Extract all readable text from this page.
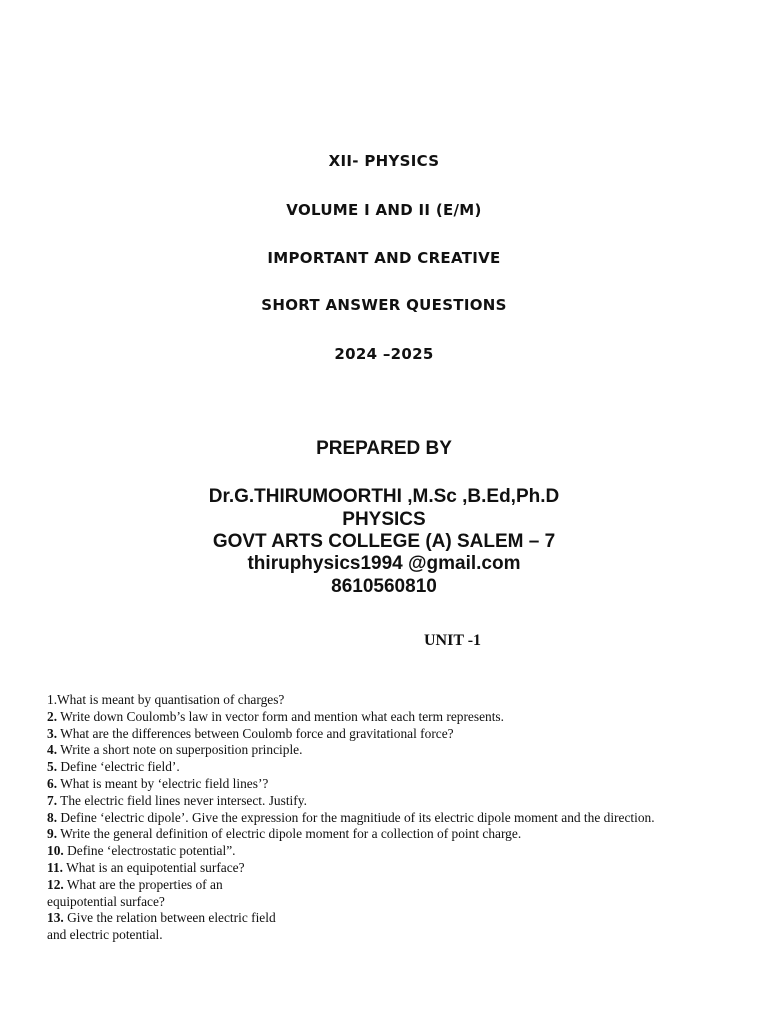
XII- PHYSICS
VOLUME I AND II (E/M)
IMPORTANT AND CREATIVE
SHORT ANSWER QUESTIONS
2024 –2025
PREPARED BY
Dr.G.THIRUMOORTHI ,M.Sc ,B.Ed,Ph.D
PHYSICS
GOVT ARTS COLLEGE (A) SALEM – 7
thiruphysics1994 @gmail.com
8610560810
UNIT -1
1.What is meant by quantisation of charges?
2. Write down Coulomb’s law in vector form and mention what each term represents.
3. What are the differences between Coulomb force and gravitational force?
4. Write a short note on superposition principle.
5. Define ‘electric field’.
6. What is meant by ‘electric field lines’?
7. The electric field lines never intersect. Justify.
8. Define ‘electric dipole’. Give the expression for the magnitiude of its electric dipole moment and the direction.
9. Write the general definition of electric dipole moment for a collection of point charge.
10. Define ‘electrostatic potential”.
11. What is an equipotential surface?
12. What are the properties of an
equipotential surface?
13. Give the relation between electric field
and electric potential.
